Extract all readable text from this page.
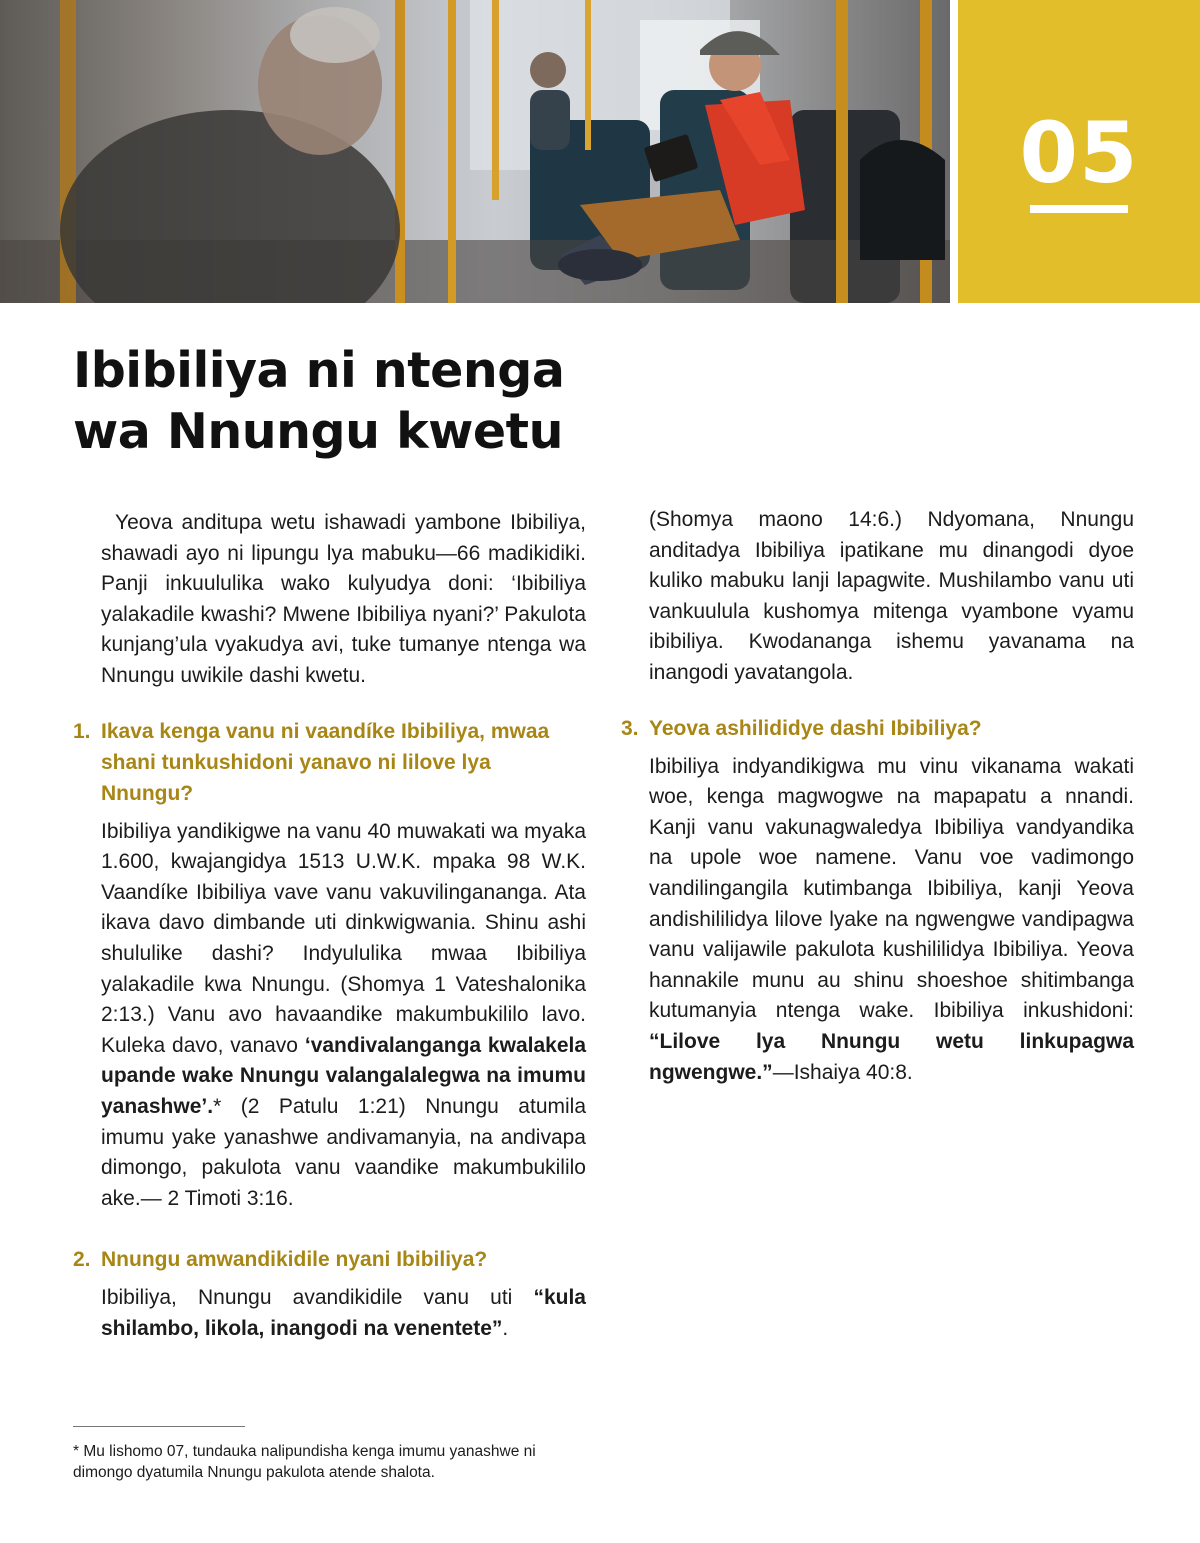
05
Ibibiliya ni ntenga
wa Nnungu kwetu

Yeova anditupa wetu ishawadi yambone Ibibiliya, shawadi ayo ni lipungu lya mabuku—66 madikidiki. Panji inkuululika wako kulyudya doni: ‘Ibibiliya yalakadile kwashi? Mwene Ibibiliya nyani?’ Pakulota kunjang’ula vyakudya avi, tuke tumanye ntenga wa Nnungu uwikile dashi kwetu.

1. Ikava kenga vanu ni vaandíke Ibibiliya, mwaa shani tunkushidoni yanavo ni lilove lya Nnungu?

Ibibiliya yandikigwe na vanu 40 muwakati wa myaka 1.600, kwajangidya 1513 U.W.K. mpaka 98 W.K. Vaandíke Ibibiliya vave vanu vakuvilingananga. Ata ikava davo dimbande uti dinkwigwania. Shinu ashi shululike dashi? Indyululika mwaa Ibibiliya yalakadile kwa Nnungu. (Shomya 1 Vateshalonika 2:13.) Vanu avo havaandike makumbukililo lavo. Kuleka davo, vanavo ‘vandivalanganga kwalakela upande wake Nnungu valangalalegwa na imumu yanashwe’.* (2 Patulu 1:21) Nnungu atumila imumu yake yanashwe andivamanyia, na andivapa dimongo, pakulota vanu vaandike makumbukililo ake.— 2 Timoti 3:16.

2. Nnungu amwandikidile nyani Ibibiliya?

Ibibiliya, Nnungu avandikidile vanu uti “kula shilambo, likola, inangodi na venentete”.

* Mu lishomo 07, tundauka nalipundisha kenga imumu yanashwe ni dimongo dyatumila Nnungu pakulota atende shalota.

(Shomya maono 14:6.) Ndyomana, Nnungu anditadya Ibibiliya ipatikane mu dinangodi dyoe kuliko mabuku lanji lapagwite. Mushilambo vanu uti vankuulula kushomya mitenga vyambone vyamu ibibiliya. Kwodananga ishemu yavanama na inangodi yavatangola.

3. Yeova ashilididye dashi Ibibiliya?

Ibibiliya indyandikigwa mu vinu vikanama wakati woe, kenga magwogwe na mapapatu a nnandi. Kanji vanu vakunagwaledya Ibibiliya vandyandika na upole woe namene. Vanu voe vadimongo vandilingangila kutimbanga Ibibiliya, kanji Yeova andishililidya lilove lyake na ngwengwe vandipagwa vanu valijawile pakulota kushililidya Ibibiliya. Yeova hannakile munu au shinu shoeshoe shitimbanga kutumanyia ntenga wake. Ibibiliya inkushidoni: “Lilove lya Nnungu wetu linkupagwa ngwengwe.”—Ishaiya 40:8.
